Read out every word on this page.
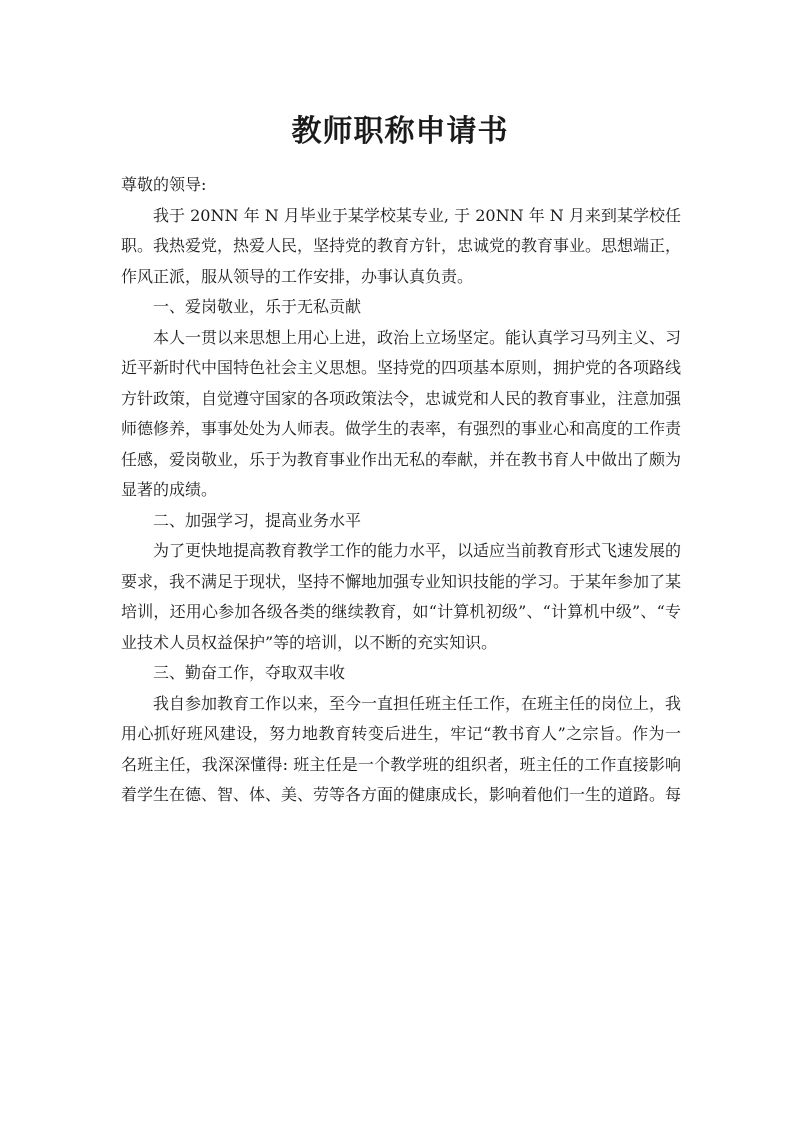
教师职称申请书

尊敬的领导:

我于 20NN 年 N 月毕业于某学校某专业, 于 20NN 年 N 月来到某学校任职。我热爱党，热爱人民，坚持党的教育方针，忠诚党的教育事业。思想端正，作风正派，服从领导的工作安排，办事认真负责。

一、爱岗敬业，乐于无私贡献

本人一贯以来思想上用心上进，政治上立场坚定。能认真学习马列主义、习近平新时代中国特色社会主义思想。坚持党的四项基本原则，拥护党的各项路线方针政策，自觉遵守国家的各项政策法令，忠诚党和人民的教育事业，注意加强师德修养，事事处处为人师表。做学生的表率，有强烈的事业心和高度的工作责任感，爱岗敬业，乐于为教育事业作出无私的奉献，并在教书育人中做出了颇为显著的成绩。

二、加强学习，提高业务水平

为了更快地提高教育教学工作的能力水平，以适应当前教育形式飞速发展的要求，我不满足于现状，坚持不懈地加强专业知识技能的学习。于某年参加了某培训，还用心参加各级各类的继续教育，如“计算机初级”、“计算机中级”、“专业技术人员权益保护”等的培训，以不断的充实知识。

三、勤奋工作，夺取双丰收

我自参加教育工作以来，至今一直担任班主任工作，在班主任的岗位上，我用心抓好班风建设，努力地教育转变后进生，牢记“教书育人”之宗旨。作为一名班主任，我深深懂得: 班主任是一个教学班的组织者，班主任的工作直接影响着学生在德、智、体、美、劳等各方面的健康成长，影响着他们一生的道路。每
